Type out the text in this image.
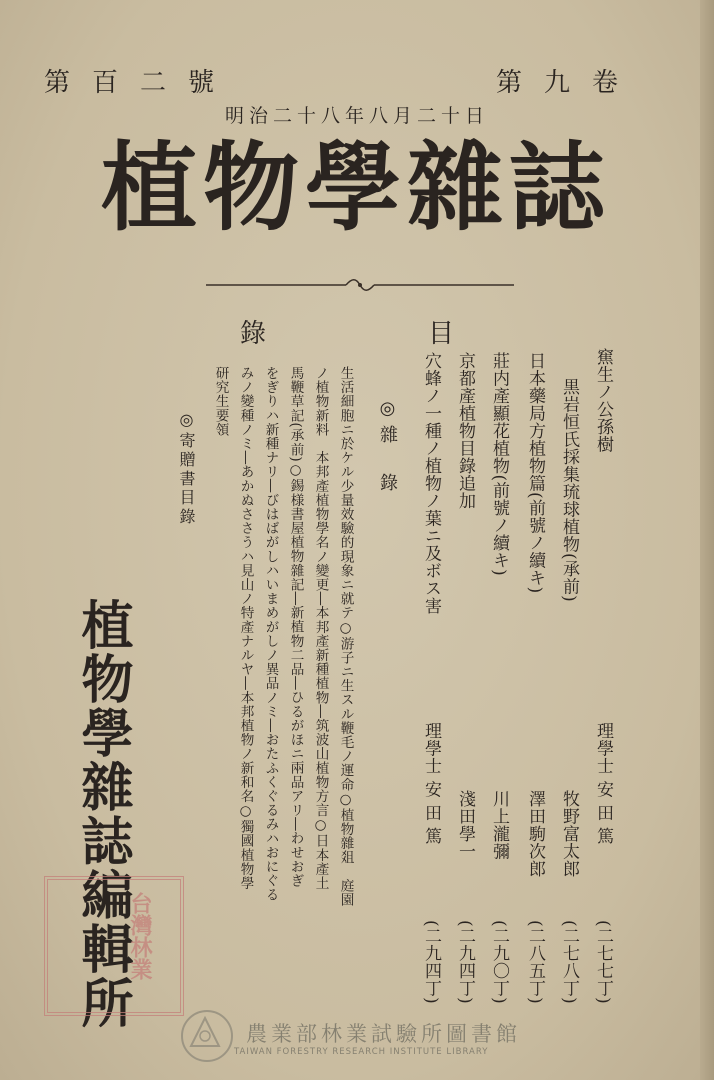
第百二號	第九卷
明治二十八年八月二十日
植物學雜誌
目
錄
䆶生ノ公孫樹
理學士 安 田 篤
(二七七丁)
黒岩恒氏採集琉球植物(承前)
牧野富太郎
(二七八丁)
日本藥局方植物篇(前號ノ續キ)
澤田駒次郎
(二八五丁)
莊内產顯花植物(前號ノ續キ)
川上瀧彌
(二九〇丁)
京都產植物目錄追加
淺田學一
(二九四丁)
穴蜂ノ一種ノ植物ノ葉ニ及ボス害
理學士 安 田 篤
(二九四丁)
◎雜　錄
生活細胞ニ於ケル少量效驗的現象ニ就テ○游子ニ生スル鞭毛ノ運命○植物雜爼　庭園
ノ植物新料　本邦產植物學名ノ變更―本邦產新種植物―筑波山植物方言○日本產土
馬鞭草記(承前)○錫様書屋植物雜記―新植物二品―ひるがほニ兩品アリ―わせおぎ
をぎりハ新種ナリ―びはばがしハいまめがしノ異品ノミ―おたふくぐるみハおにぐる
みノ變種ノミ―あかぬささうハ見山ノ特產ナルヤ―本邦植物ノ新和名○獨國植物學
研究生要領
◎寄贈書目錄
植物學雜誌編輯所
台灣林業
農業部林業試驗所圖書館
TAIWAN FORESTRY RESEARCH INSTITUTE LIBRARY
